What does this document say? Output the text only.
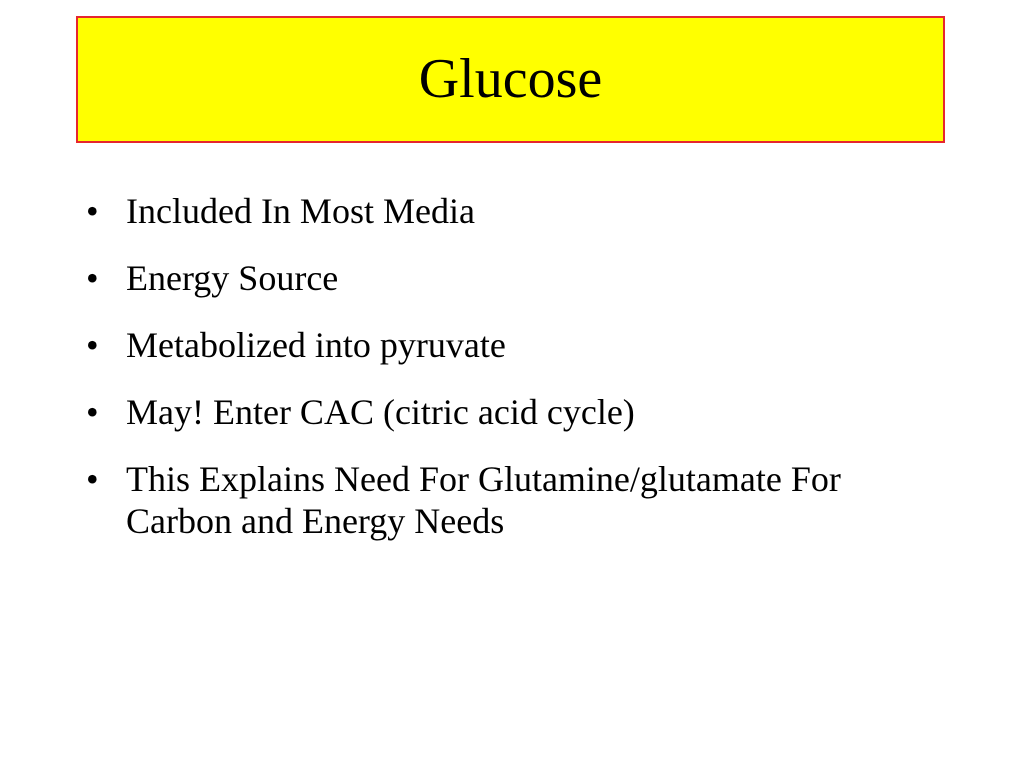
Glucose
• Included In Most Media
• Energy Source
• Metabolized into pyruvate
• May! Enter CAC (citric acid cycle)
• This Explains Need For Glutamine/glutamate For Carbon and Energy Needs
